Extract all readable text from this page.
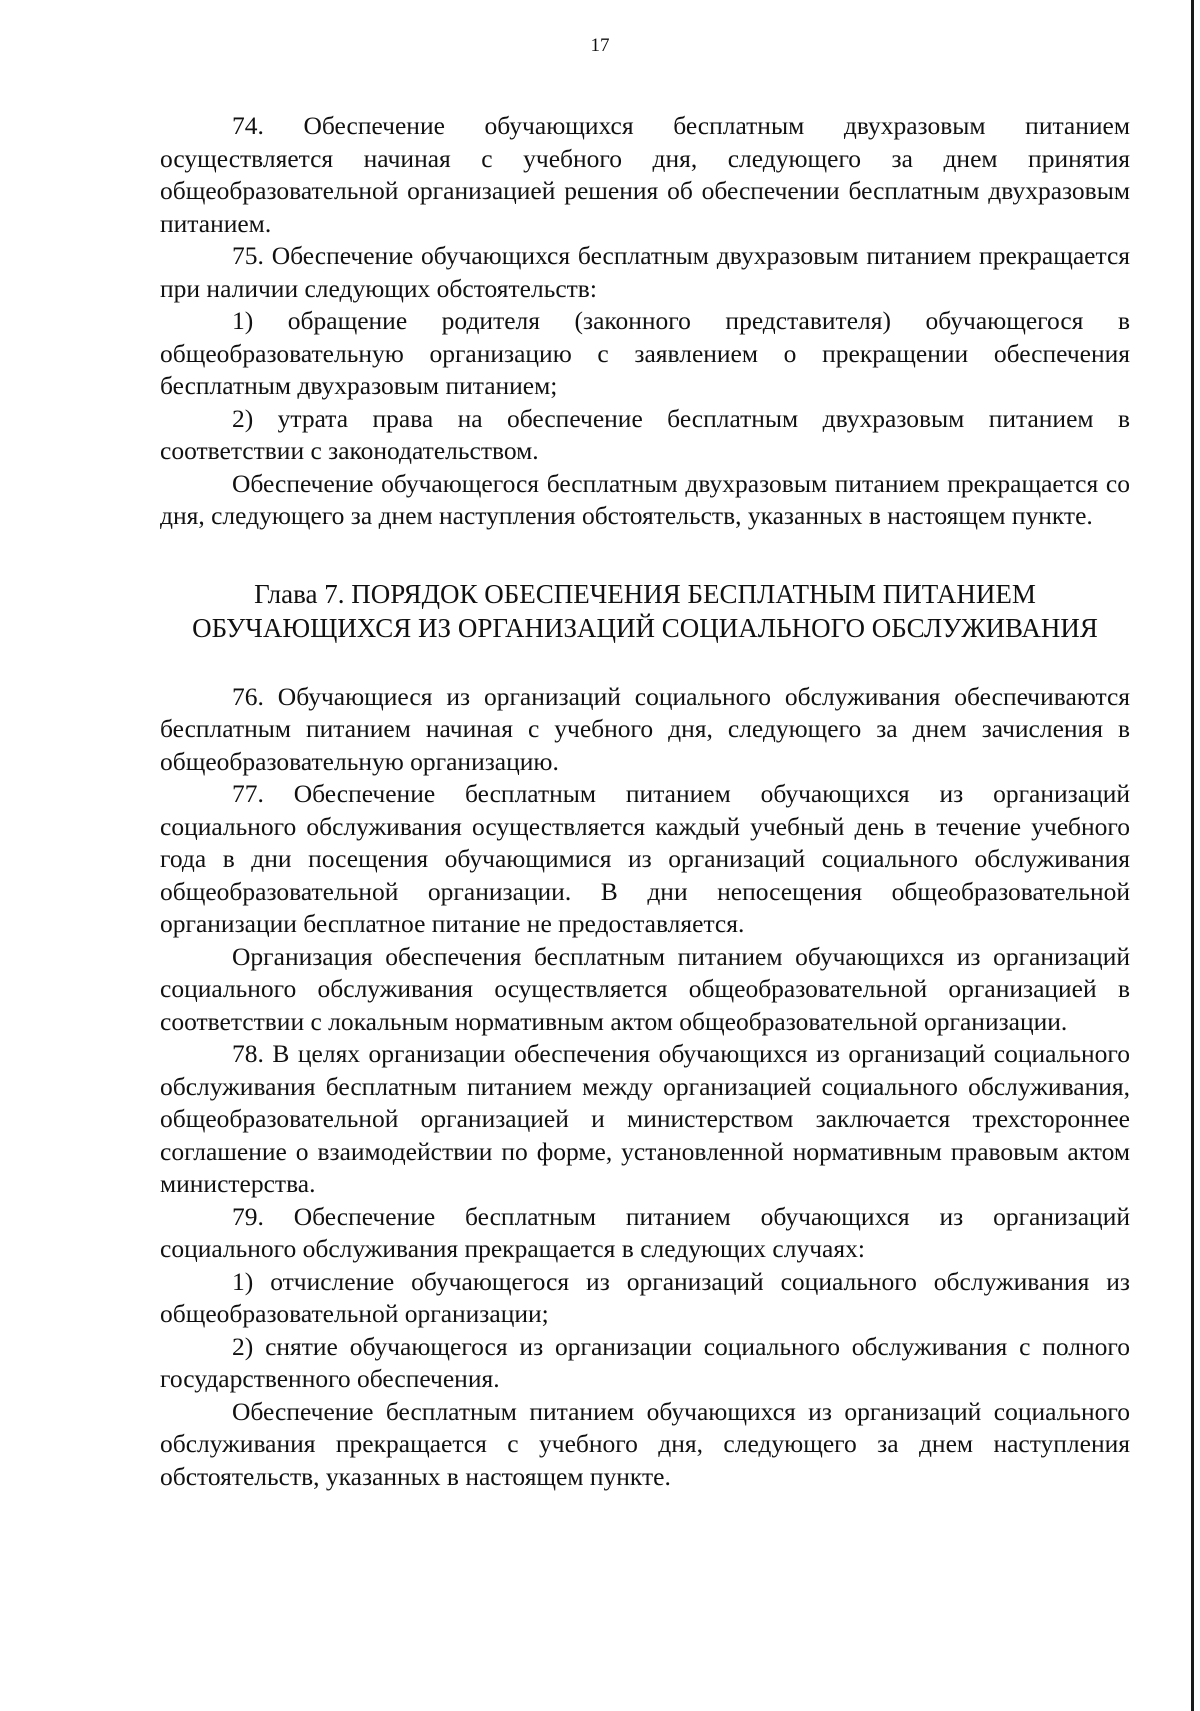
17

74. Обеспечение обучающихся бесплатным двухразовым питанием осуществляется начиная с учебного дня, следующего за днем принятия общеобразовательной организацией решения об обеспечении бесплатным двухразовым питанием.

75. Обеспечение обучающихся бесплатным двухразовым питанием прекращается при наличии следующих обстоятельств:

1) обращение родителя (законного представителя) обучающегося в общеобразовательную организацию с заявлением о прекращении обеспечения бесплатным двухразовым питанием;

2) утрата права на обеспечение бесплатным двухразовым питанием в соответствии с законодательством.

Обеспечение обучающегося бесплатным двухразовым питанием прекращается со дня, следующего за днем наступления обстоятельств, указанных в настоящем пункте.

Глава 7. ПОРЯДОК ОБЕСПЕЧЕНИЯ БЕСПЛАТНЫМ ПИТАНИЕМ
ОБУЧАЮЩИХСЯ ИЗ ОРГАНИЗАЦИЙ СОЦИАЛЬНОГО ОБСЛУЖИВАНИЯ

76. Обучающиеся из организаций социального обслуживания обеспечиваются бесплатным питанием начиная с учебного дня, следующего за днем зачисления в общеобразовательную организацию.

77. Обеспечение бесплатным питанием обучающихся из организаций социального обслуживания осуществляется каждый учебный день в течение учебного года в дни посещения обучающимися из организаций социального обслуживания общеобразовательной организации. В дни непосещения общеобразовательной организации бесплатное питание не предоставляется.

Организация обеспечения бесплатным питанием обучающихся из организаций социального обслуживания осуществляется общеобразовательной организацией в соответствии с локальным нормативным актом общеобразовательной организации.

78. В целях организации обеспечения обучающихся из организаций социального обслуживания бесплатным питанием между организацией социального обслуживания, общеобразовательной организацией и министерством заключается трехстороннее соглашение о взаимодействии по форме, установленной нормативным правовым актом министерства.

79. Обеспечение бесплатным питанием обучающихся из организаций социального обслуживания прекращается в следующих случаях:

1) отчисление обучающегося из организаций социального обслуживания из общеобразовательной организации;

2) снятие обучающегося из организации социального обслуживания с полного государственного обеспечения.

Обеспечение бесплатным питанием обучающихся из организаций социального обслуживания прекращается с учебного дня, следующего за днем наступления обстоятельств, указанных в настоящем пункте.
